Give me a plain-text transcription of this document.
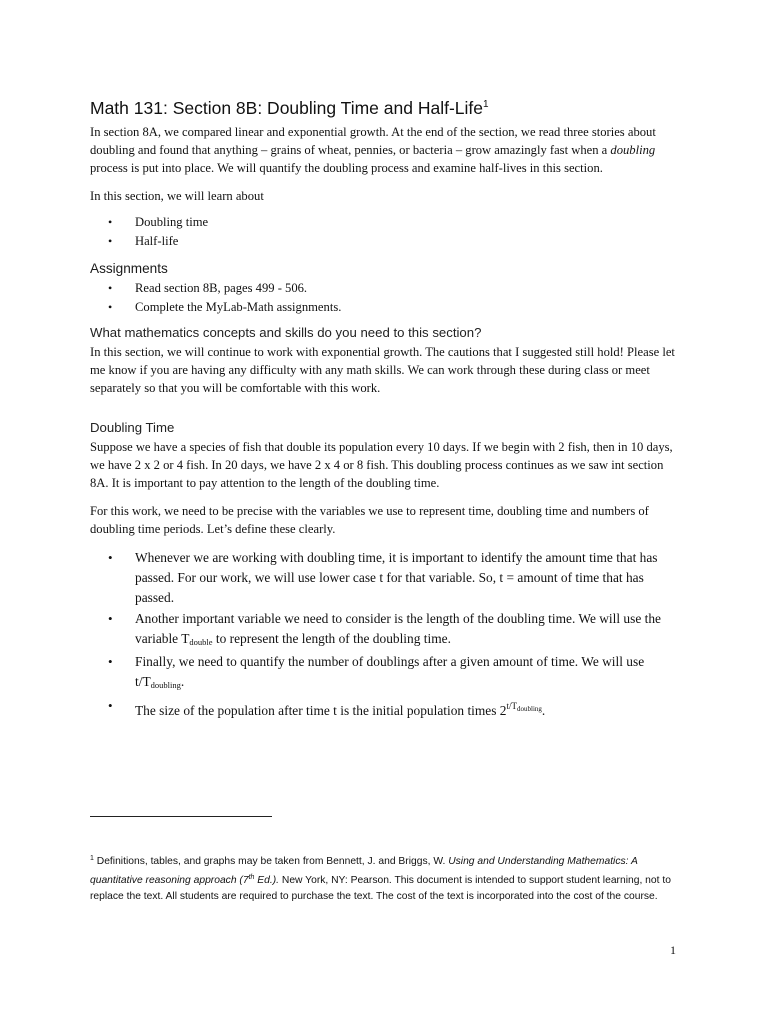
Math 131: Section 8B: Doubling Time and Half-Life$^1$

In section 8A, we compared linear and exponential growth. At the end of the section, we read three stories about doubling and found that anything – grains of wheat, pennies, or bacteria – grow amazingly fast when a doubling process is put into place. We will quantify the doubling process and examine half-lives in this section.

In this section, we will learn about

• Doubling time
• Half-life
Assignments
• Read section 8B, pages 499 - 506.
• Complete the MyLab-Math assignments.
What mathematics concepts and skills do you need to this section?

In this section, we will continue to work with exponential growth. The cautions that I suggested still hold! Please let me know if you are having any difficulty with any math skills. We can work through these during class or meet separately so that you will be comfortable with this work.

Doubling Time

Suppose we have a species of fish that double its population every 10 days. If we begin with 2 fish, then in 10 days, we have 2 x 2 or 4 fish. In 20 days, we have 2 x 4 or 8 fish. This doubling process continues as we saw int section 8A. It is important to pay attention to the length of the doubling time.

For this work, we need to be precise with the variables we use to represent time, doubling time and numbers of doubling time periods. Let’s define these clearly.

• Whenever we are working with doubling time, it is important to identify the amount time that has passed. For our work, we will use lower case t for that variable. So, t = amount of time that has passed.
• Another important variable we need to consider is the length of the doubling time. We will use the variable $T_{double}$ to represent the length of the doubling time.
• Finally, we need to quantify the number of doublings after a given amount of time. We will use $t/T_{doubling}$.
• The size of the population after time t is the initial population times $2^{t/T_{doubling}}$.
$^1$ Definitions, tables, and graphs may be taken from Bennett, J. and Briggs, W. Using and Understanding Mathematics: A quantitative reasoning approach (7th Ed.). New York, NY: Pearson. This document is intended to support student learning, not to replace the text. All students are required to purchase the text. The cost of the text is incorporated into the cost of the course.
1
